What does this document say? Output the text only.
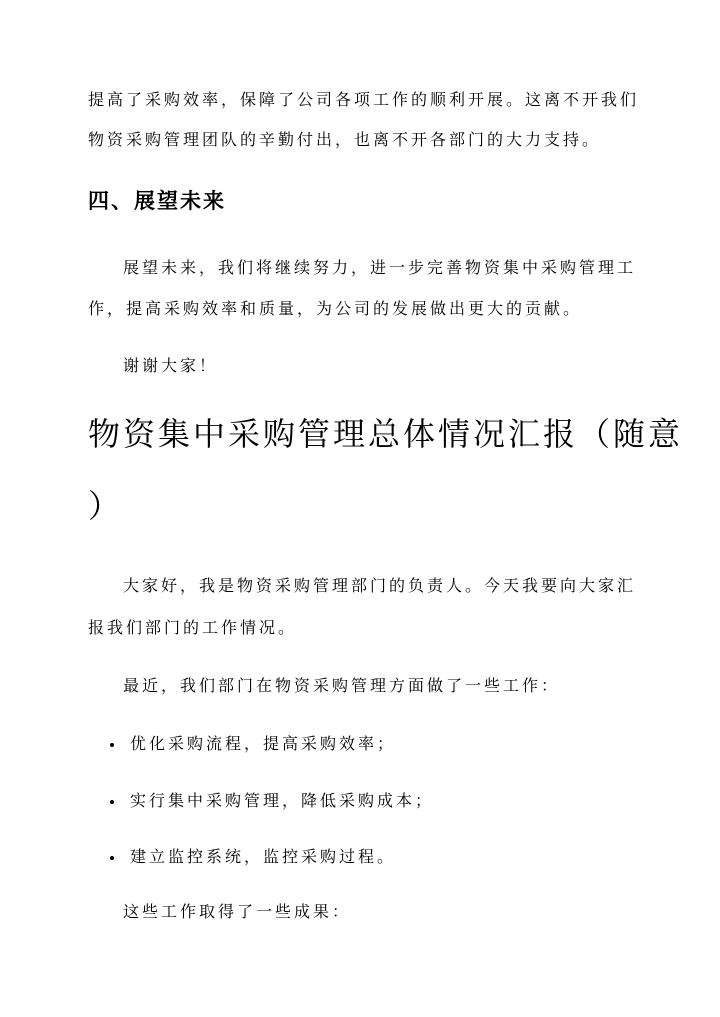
提高了采购效率，保障了公司各项工作的顺利开展。这离不开我们
物资采购管理团队的辛勤付出，也离不开各部门的大力支持。
四、展望未来
展望未来，我们将继续努力，进一步完善物资集中采购管理工
作，提高采购效率和质量，为公司的发展做出更大的贡献。
谢谢大家！
物资集中采购管理总体情况汇报（随意
）
大家好，我是物资采购管理部门的负责人。今天我要向大家汇
报我们部门的工作情况。
最近，我们部门在物资采购管理方面做了一些工作：
优化采购流程，提高采购效率；
实行集中采购管理，降低采购成本；
建立监控系统，监控采购过程。
这些工作取得了一些成果：
